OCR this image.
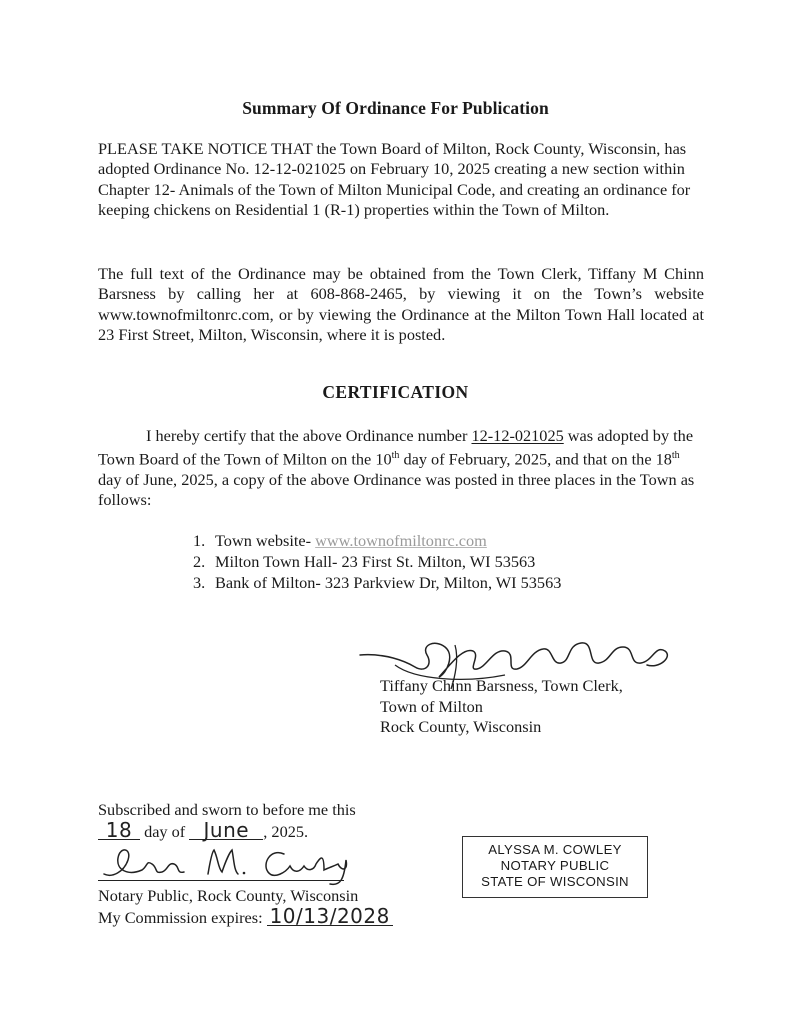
Summary Of Ordinance For Publication

PLEASE TAKE NOTICE THAT the Town Board of Milton, Rock County, Wisconsin, has adopted Ordinance No. 12-12-021025 on February 10, 2025 creating a new section within Chapter 12- Animals of the Town of Milton Municipal Code, and creating an ordinance for keeping chickens on Residential 1 (R-1) properties within the Town of Milton.

The full text of the Ordinance may be obtained from the Town Clerk, Tiffany M Chinn Barsness by calling her at 608-868-2465, by viewing it on the Town’s website www.townofmiltonrc.com, or by viewing the Ordinance at the Milton Town Hall located at 23 First Street, Milton, Wisconsin, where it is posted.

CERTIFICATION

I hereby certify that the above Ordinance number 12-12-021025 was adopted by the Town Board of the Town of Milton on the 10th day of February, 2025, and that on the 18th day of June, 2025, a copy of the above Ordinance was posted in three places in the Town as follows:

1. Town website- www.townofmiltonrc.com
2. Milton Town Hall- 23 First St. Milton, WI 53563
3. Bank of Milton- 323 Parkview Dr, Milton, WI 53563
Tiffany Chinn Barsness, Town Clerk,
Town of Milton
Rock County, Wisconsin
Subscribed and sworn to before me this
18 day of June , 2025.
Notary Public, Rock County, Wisconsin
My Commission expires: 10/13/2028
ALYSSA M. COWLEY
NOTARY PUBLIC
STATE OF WISCONSIN
